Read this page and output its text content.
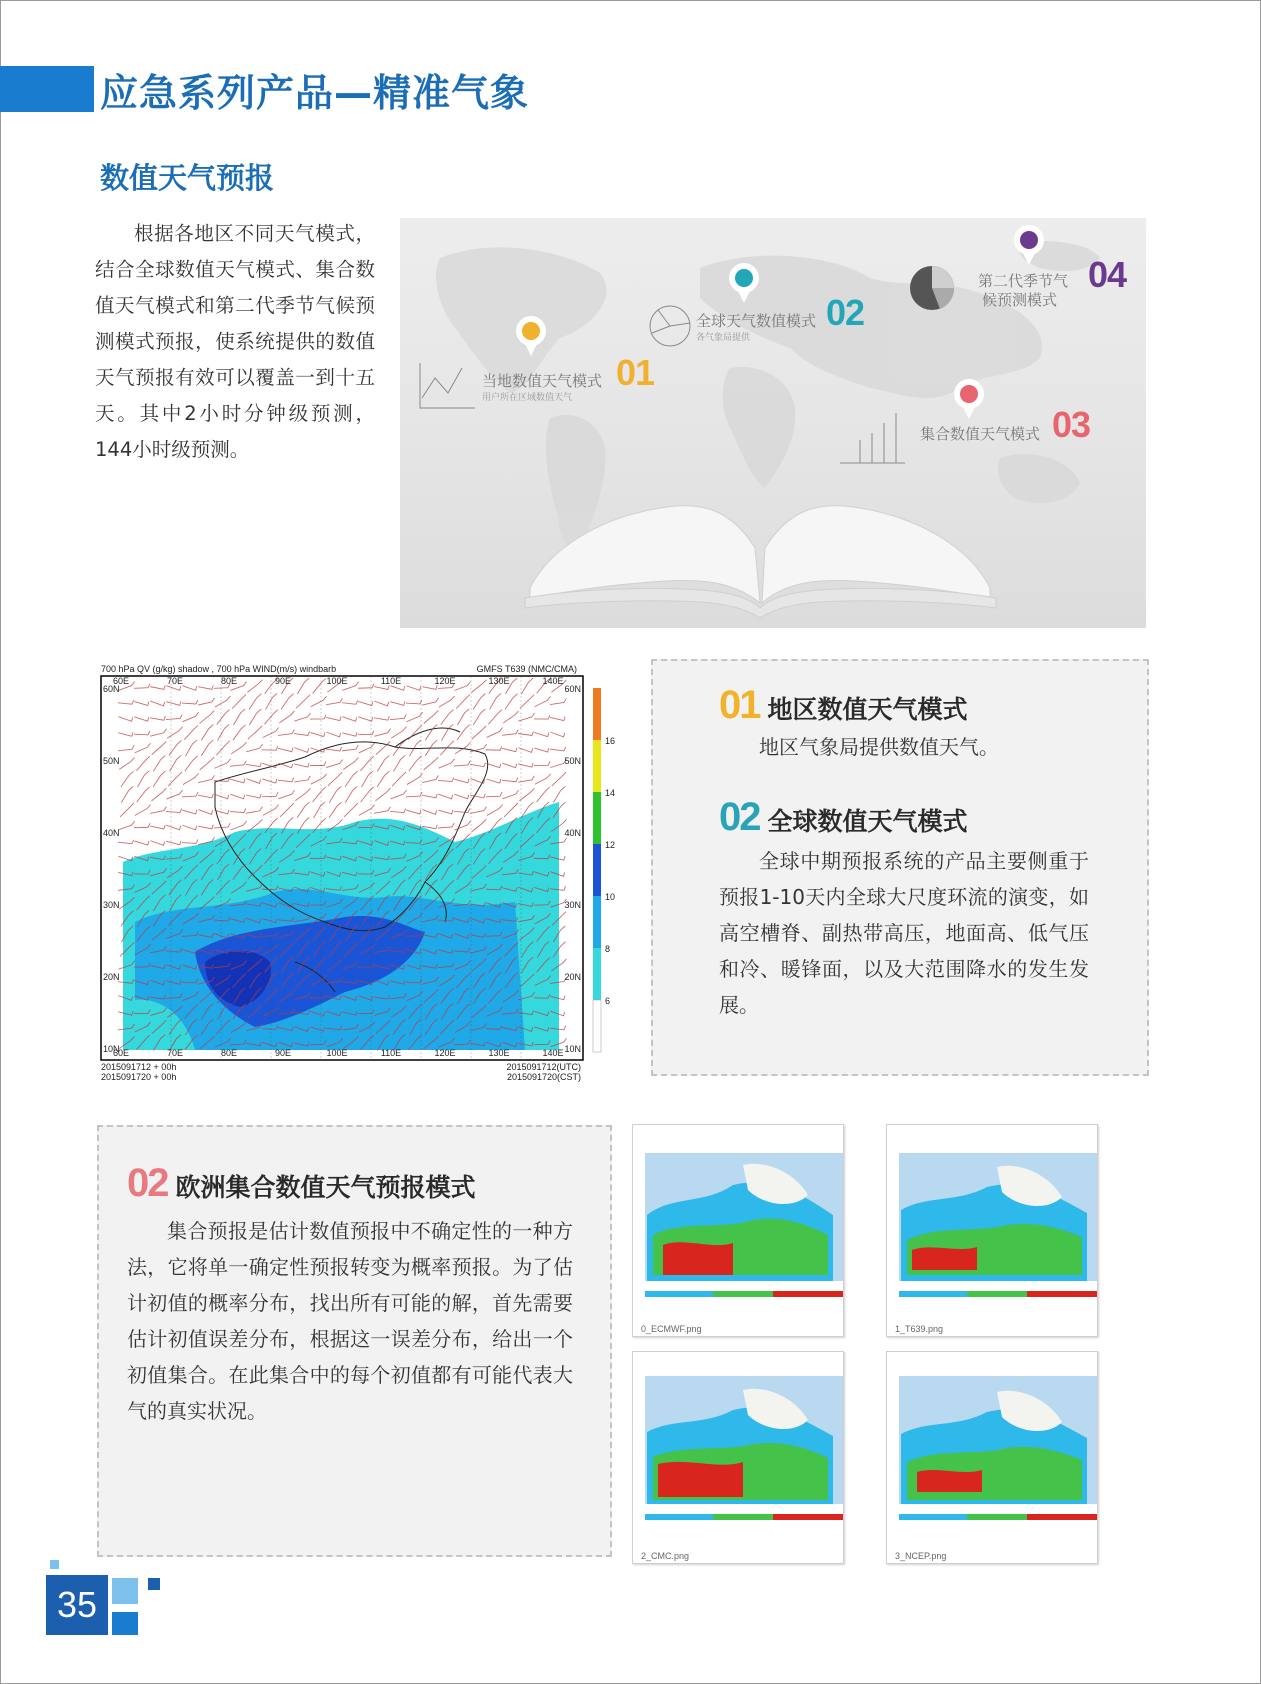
应急系列产品—精准气象
数值天气预报

根据各地区不同天气模式，结合全球数值天气模式、集合数值天气模式和第二代季节气候预测模式预报，使系统提供的数值天气预报有效可以覆盖一到十五天。其中2小时分钟级预测，144小时级预测。

当地数值天气模式
用户所在区域数值天气
01
全球天气数值模式
各气象局提供
02
集合数值天气模式 03
第二代季节气
候预测模式
04
700 hPa QV (g/kg) shadow , 700 hPa WIND(m/s) windbarb	GMFS T639 (NMC/CMA)
60E
60E
70E
70E
80E
80E
90E
90E
100E
100E
110E
110E
120E
120E
130E
130E
140E
140E
60N	60N
50N	50N
40N	40N
30N	30N
20N	20N
10N	10N
16
14
12
10
8
6
2015091712 + 00h
2015091720 + 00h
2015091712(UTC)
2015091720(CST)
01 地区数值天气模式

地区气象局提供数值天气。

02 全球数值天气模式

全球中期预报系统的产品主要侧重于预报1-10天内全球大尺度环流的演变，如高空槽脊、副热带高压，地面高、低气压和冷、暖锋面，以及大范围降水的发生发展。

02 欧洲集合数值天气预报模式

集合预报是估计数值预报中不确定性的一种方法，它将单一确定性预报转变为概率预报。为了估计初值的概率分布，找出所有可能的解，首先需要估计初值误差分布，根据这一误差分布，给出一个初值集合。在此集合中的每个初值都有可能代表大气的真实状况。

0_ECMWF.png	1_T639.png
2_CMC.png	3_NCEP.png
35
